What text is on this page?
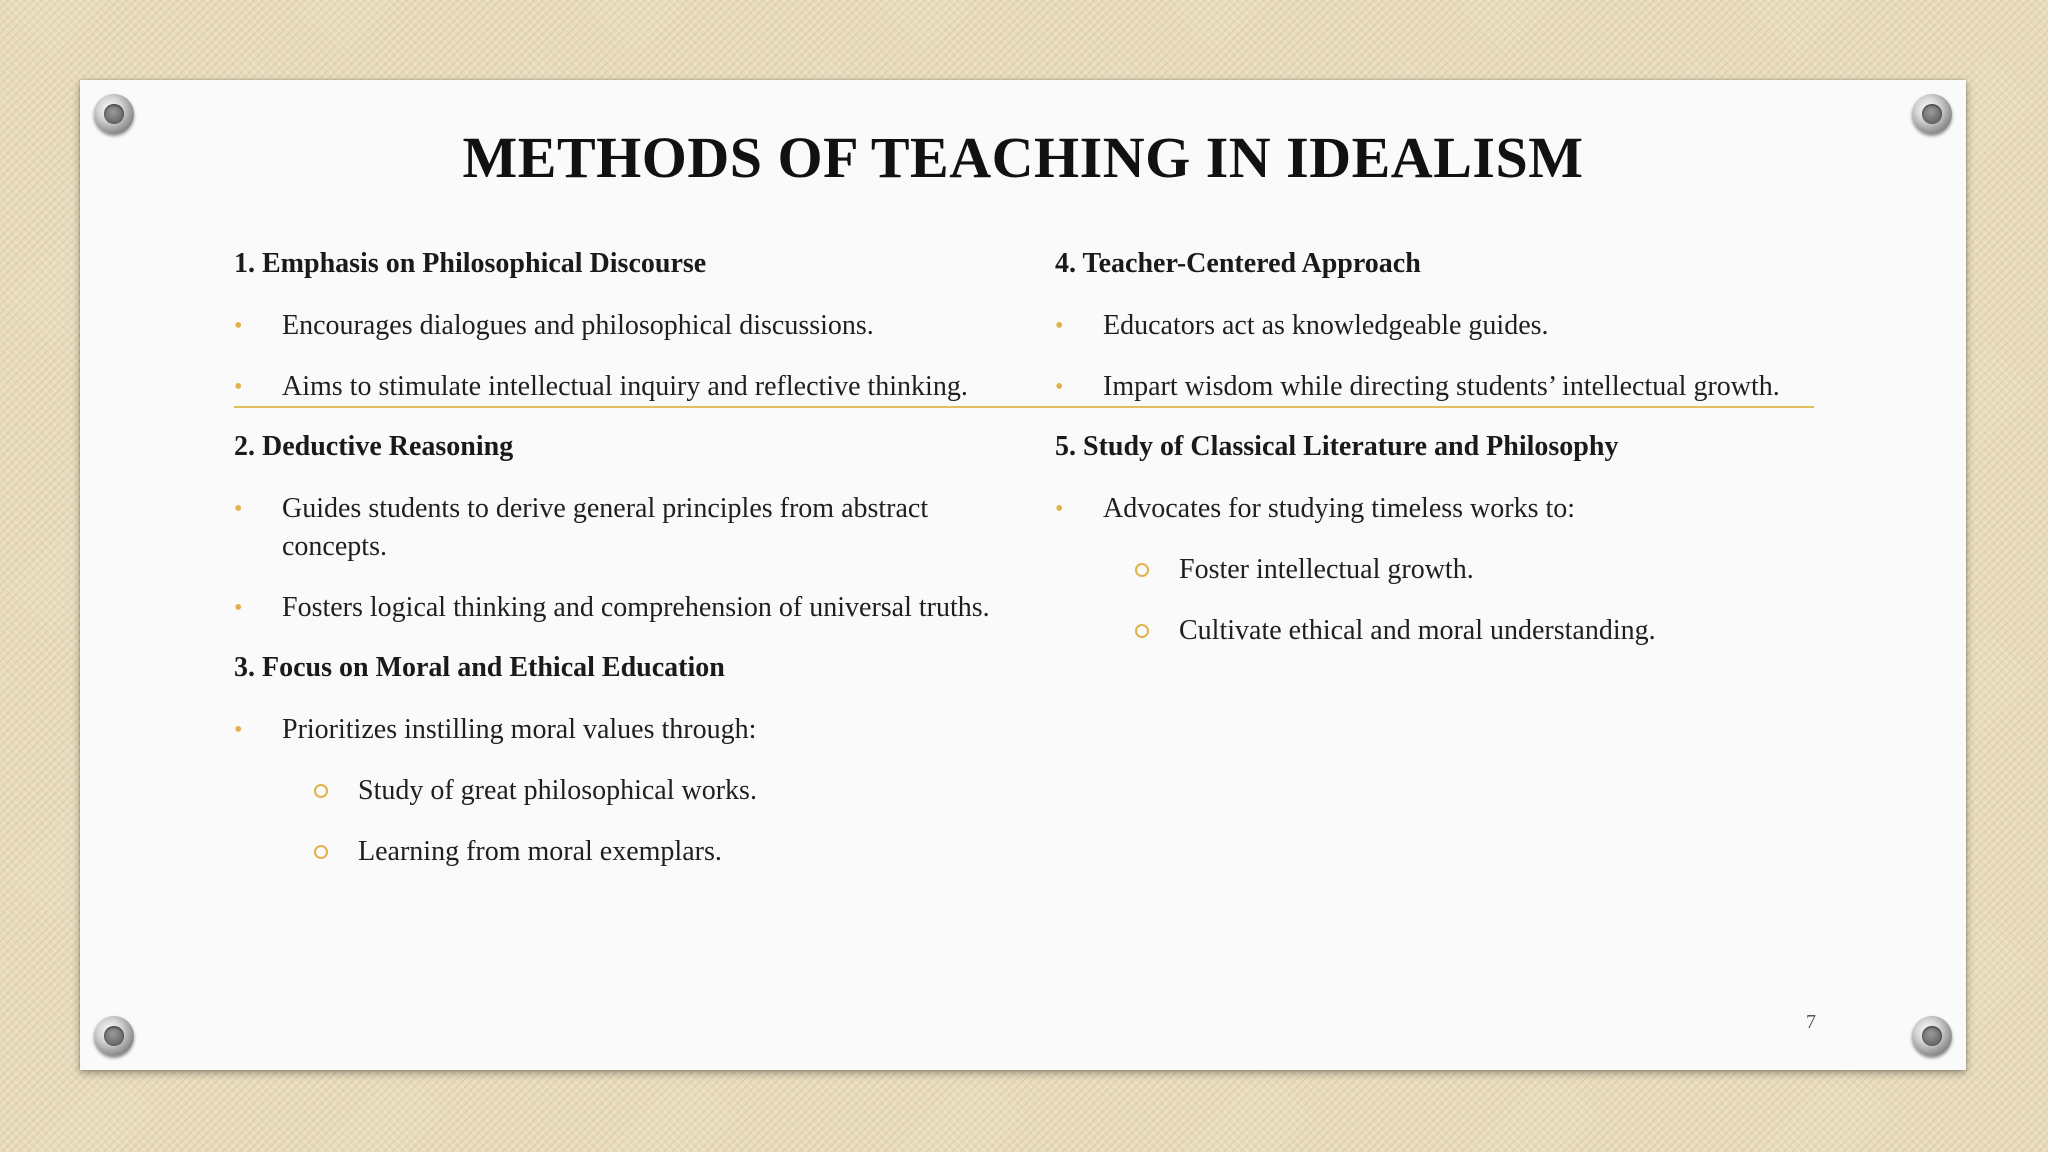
METHODS OF TEACHING IN IDEALISM
1. Emphasis on Philosophical Discourse
• Encourages dialogues and philosophical discussions.
• Aims to stimulate intellectual inquiry and reflective thinking.
2. Deductive Reasoning
• Guides students to derive general principles from abstract concepts.
• Fosters logical thinking and comprehension of universal truths.
3. Focus on Moral and Ethical Education
• Prioritizes instilling moral values through:
Study of great philosophical works.
Learning from moral exemplars.
4. Teacher-Centered Approach
• Educators act as knowledgeable guides.
• Impart wisdom while directing students’ intellectual growth.
5. Study of Classical Literature and Philosophy
• Advocates for studying timeless works to:
Foster intellectual growth.
Cultivate ethical and moral understanding.
7
